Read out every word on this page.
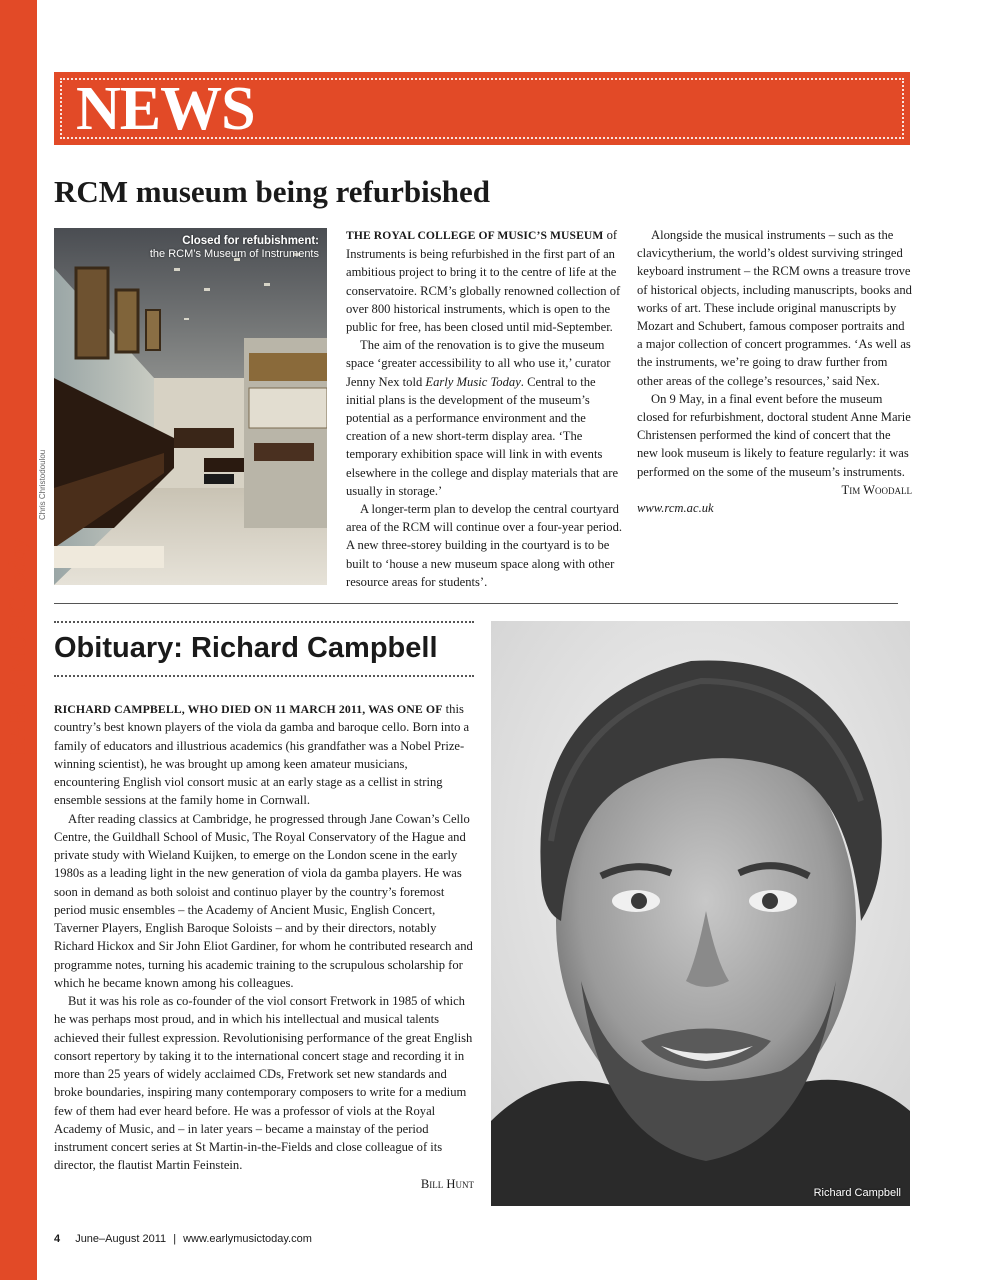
EARLY MUSIC today
NEWS
RCM museum being refurbished
Closed for refubishment:
the RCM’s Museum of Instruments
Chris Christodoulou

THE ROYAL COLLEGE OF MUSIC’S MUSEUM of Instruments is being refurbished in the first part of an ambitious project to bring it to the centre of life at the conservatoire. RCM’s globally renowned collection of over 800 historical instruments, which is open to the public for free, has been closed until mid-September.

The aim of the renovation is to give the museum space ‘greater accessibility to all who use it,’ curator Jenny Nex told Early Music Today. Central to the initial plans is the development of the museum’s potential as a performance environment and the creation of a new short-term display area. ‘The temporary exhibition space will link in with events elsewhere in the college and display materials that are usually in storage.’

A longer-term plan to develop the central courtyard area of the RCM will continue over a four-year period. A new three-storey building in the courtyard is to be built to ‘house a new museum space along with other resource areas for students’.

Alongside the musical instruments – such as the clavicytherium, the world’s oldest surviving stringed keyboard instrument – the RCM owns a treasure trove of historical objects, including manuscripts, books and works of art. These include original manuscripts by Mozart and Schubert, famous composer portraits and a major collection of concert programmes. ‘As well as the instruments, we’re going to draw further from other areas of the college’s resources,’ said Nex.

On 9 May, in a final event before the museum closed for refurbishment, doctoral student Anne Marie Christensen performed the kind of concert that the new look museum is likely to feature regularly: it was performed on the some of the museum’s instruments.

Tim Woodall

www.rcm.ac.uk

Obituary: Richard Campbell

RICHARD CAMPBELL, WHO DIED ON 11 MARCH 2011, WAS ONE OF this country’s best known players of the viola da gamba and baroque cello. Born into a family of educators and illustrious academics (his grandfather was a Nobel Prize-winning scientist), he was brought up among keen amateur musicians, encountering English viol consort music at an early stage as a cellist in string ensemble sessions at the family home in Cornwall.

After reading classics at Cambridge, he progressed through Jane Cowan’s Cello Centre, the Guildhall School of Music, The Royal Conservatory of the Hague and private study with Wieland Kuijken, to emerge on the London scene in the early 1980s as a leading light in the new generation of viola da gamba players. He was soon in demand as both soloist and continuo player by the country’s foremost period music ensembles – the Academy of Ancient Music, English Concert, Taverner Players, English Baroque Soloists – and by their directors, notably Richard Hickox and Sir John Eliot Gardiner, for whom he contributed research and programme notes, turning his academic training to the scrupulous scholarship for which he became known among his colleagues.

But it was his role as co-founder of the viol consort Fretwork in 1985 of which he was perhaps most proud, and in which his intellectual and musical talents achieved their fullest expression. Revolutionising performance of the great English consort repertory by taking it to the international concert stage and recording it in more than 25 years of widely acclaimed CDs, Fretwork set new standards and broke boundaries, inspiring many contemporary composers to write for a medium few of them had ever heard before. He was a professor of viols at the Royal Academy of Music, and – in later years – became a mainstay of the period instrument concert series at St Martin-in-the-Fields and close colleague of its director, the flautist Martin Feinstein.

Bill Hunt

Richard Campbell
4 June–August 2011 | www.earlymusictoday.com
